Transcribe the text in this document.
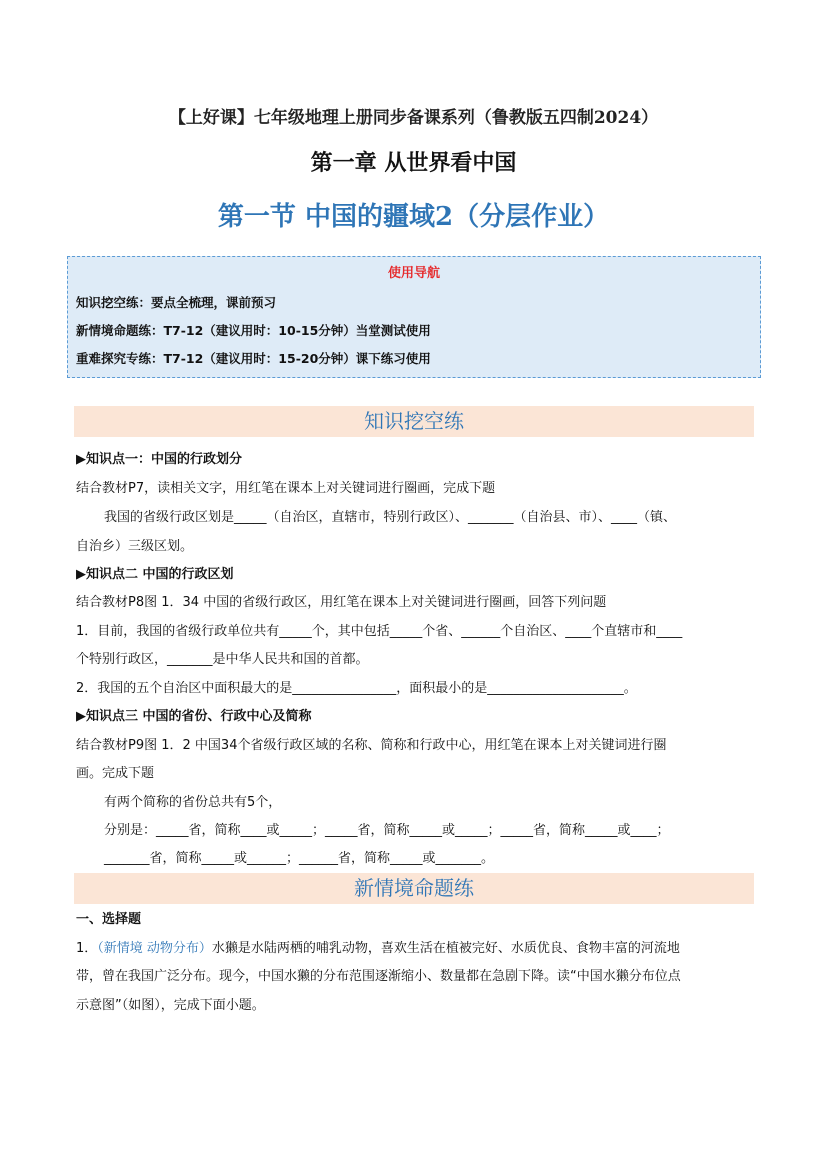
【上好课】七年级地理上册同步备课系列（鲁教版五四制2024）
第一章 从世界看中国
第一节 中国的疆域2（分层作业）
使用导航
知识挖空练：要点全梳理，课前预习
新情境命题练：T7-12（建议用时：10-15分钟）当堂测试使用
重难探究专练：T7-12（建议用时：15-20分钟）课下练习使用
知识挖空练
▶知识点一：中国的行政划分
结合教材P7，读相关文字，用红笔在课本上对关键词进行圈画，完成下题
我国的省级行政区划是_____（自治区，直辖市，特别行政区）、_______（自治县、市）、____（镇、
自治乡）三级区划。
▶知识点二 中国的行政区划
结合教材P8图 1．34 中国的省级行政区，用红笔在课本上对关键词进行圈画，回答下列问题
1．目前，我国的省级行政单位共有_____个，其中包括_____个省、______个自治区、____个直辖市和____
个特别行政区，_______是中华人民共和国的首都。
2．我国的五个自治区中面积最大的是________________，面积最小的是_____________________。
▶知识点三 中国的省份、行政中心及简称
结合教材P9图 1．2 中国34个省级行政区域的名称、简称和行政中心，用红笔在课本上对关键词进行圈
画。完成下题
有两个简称的省份总共有5个，
分别是：_____省，简称____或_____；_____省，简称_____或_____；_____省，简称_____或____；
_______省，简称_____或______；______省，简称_____或_______。
新情境命题练
一、选择题
1．（新情境 动物分布）水獭是水陆两栖的哺乳动物，喜欢生活在植被完好、水质优良、食物丰富的河流地
带，曾在我国广泛分布。现今，中国水獭的分布范围逐渐缩小、数量都在急剧下降。读“中国水獭分布位点
示意图”（如图），完成下面小题。
